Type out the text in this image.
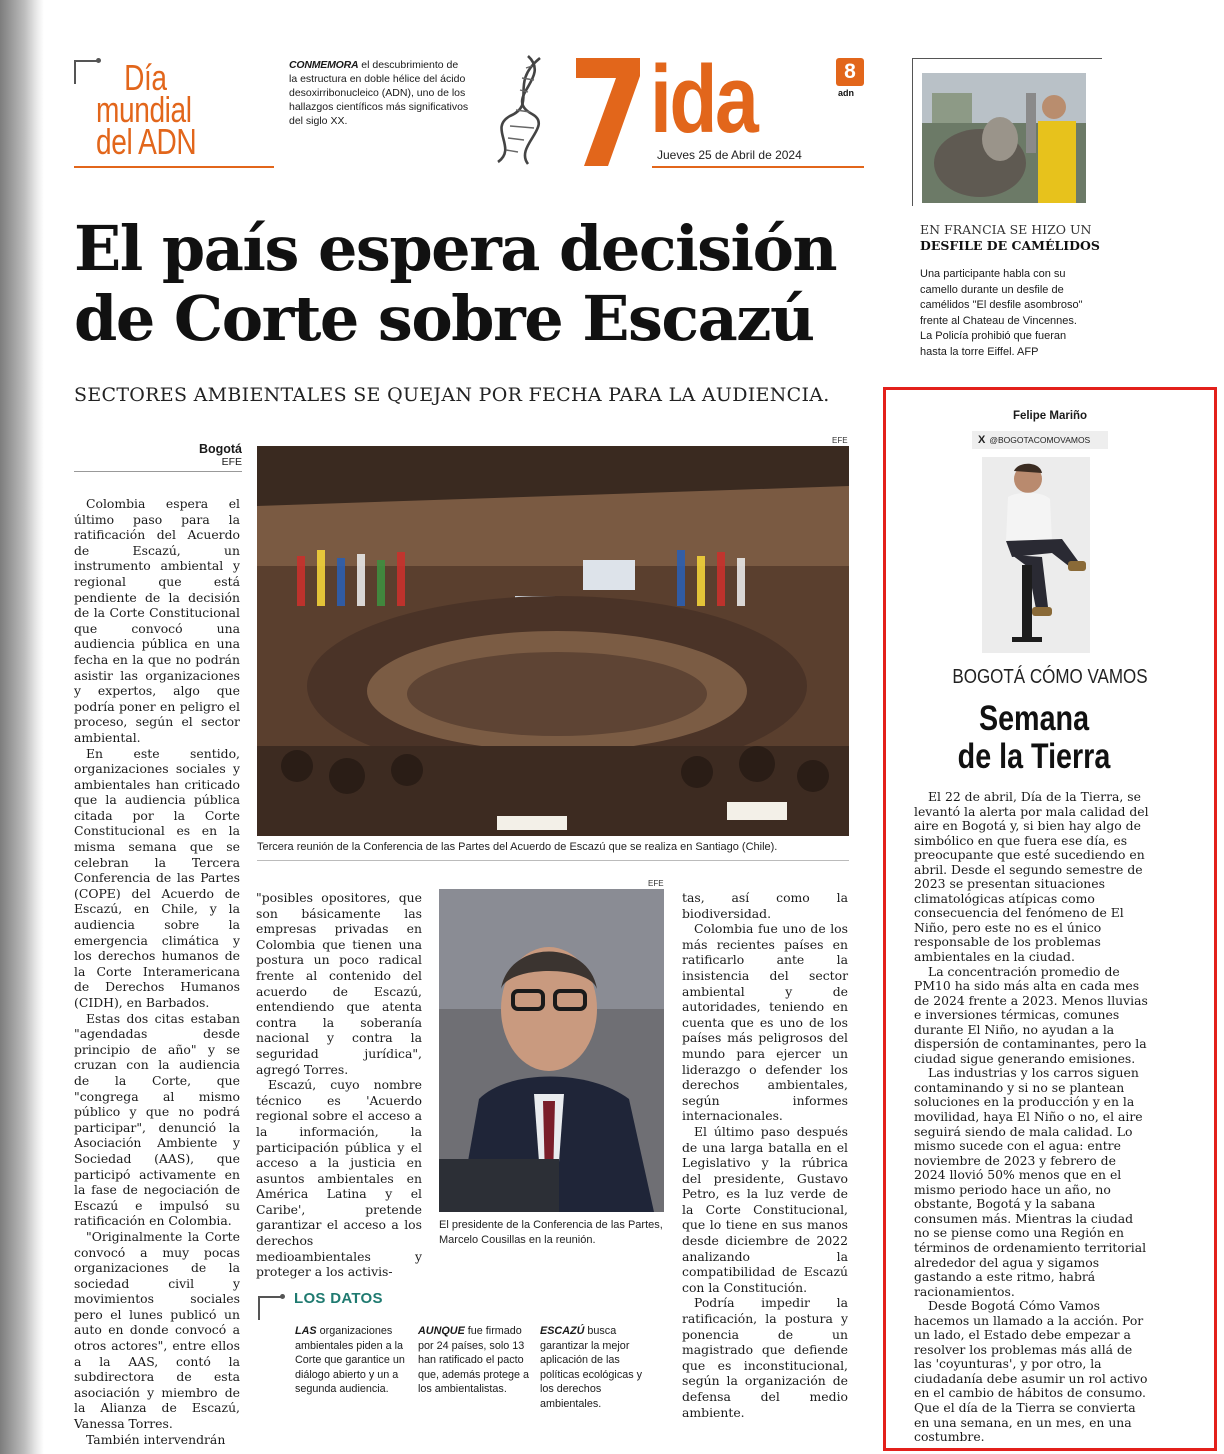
Día
mundial
del ADN
CONMEMORA el descubrimiento de la estructura en doble hélice del ácido desoxirribonucleico (ADN), uno de los hallazgos científicos más significativos del siglo XX.	ida
Jueves 25 de Abril de 2024
8
adn
EN FRANCIA SE HIZO UN
DESFILE DE CAMÉLIDOS
Una participante habla con su camello durante un desfile de camélidos "El desfile asombroso" frente al Chateau de Vincennes. La Policía prohibió que fueran hasta la torre Eiffel. AFP
El país espera decisión
de Corte sobre Escazú
SECTORES AMBIENTALES SE QUEJAN POR FECHA PARA LA AUDIENCIA.
Bogotá
EFE

Colombia espera el último paso para la ratificación del Acuerdo de Escazú, un instrumento ambiental y regional que está pendiente de la decisión de la Corte Constitucional que convocó una audiencia pública en una fecha en la que no podrán asistir las organizaciones y expertos, algo que podría poner en peligro el proceso, según el sector ambiental.

En este sentido, organizaciones sociales y ambientales han criticado que la audiencia pública citada por la Corte Constitucional es en la misma semana que se celebran la Tercera Conferencia de las Partes (COPE) del Acuerdo de Escazú, en Chile, y la audiencia sobre la emergencia climática y los derechos humanos de la Corte Interamericana de Derechos Humanos (CIDH), en Barbados.

Estas dos citas estaban "agendadas desde principio de año" y se cruzan con la audiencia de la Corte, que "congrega al mismo público y que no podrá participar", denunció la Asociación Ambiente y Sociedad (AAS), que participó activamente en la fase de negociación de Escazú e impulsó su ratificación en Colombia.

"Originalmente la Corte convocó a muy pocas organizaciones de la sociedad civil y movimientos sociales pero el lunes publicó un auto en donde convocó a otros actores", entre ellos a la AAS, contó la subdirectora de esta asociación y miembro de la Alianza de Escazú, Vanessa Torres.

También intervendrán

EFE
Tercera reunión de la Conferencia de las Partes del Acuerdo de Escazú que se realiza en Santiago (Chile).

"posibles opositores, que son básicamente las empresas privadas en Colombia que tienen una postura un poco radical frente al contenido del acuerdo de Escazú, entendiendo que atenta contra la soberanía nacional y contra la seguridad jurídica", agregó Torres.

Escazú, cuyo nombre técnico es 'Acuerdo regional sobre el acceso a la información, la participación pública y el acceso a la justicia en asuntos ambientales en América Latina y el Caribe', pretende garantizar el acceso a los derechos medioambientales y proteger a los activis-

EFE
El presidente de la Conferencia de las Partes, Marcelo Cousillas en la reunión.

tas, así como la biodiversidad.

Colombia fue uno de los más recientes países en ratificarlo ante la insistencia del sector ambiental y de autoridades, teniendo en cuenta que es uno de los países más peligrosos del mundo para ejercer un liderazgo o defender los derechos ambientales, según informes internacionales.

El último paso después de una larga batalla en el Legislativo y la rúbrica del presidente, Gustavo Petro, es la luz verde de la Corte Constitucional, que lo tiene en sus manos desde diciembre de 2022 analizando la compatibilidad de Escazú con la Constitución.

Podría impedir la ratificación, la postura y ponencia de un magistrado que defiende que es inconstitucional, según la organización de defensa del medio ambiente.

LOS DATOS
LAS organizaciones ambientales piden a la Corte que garantice un diálogo abierto y un a segunda audiencia.
AUNQUE fue firmado por 24 países, solo 13 han ratificado el pacto que, además protege a los ambientalistas.
ESCAZÚ busca garantizar la mejor aplicación de las políticas ecológicas y los derechos ambientales.
Felipe Mariño
X @BOGOTACOMOVAMOS
BOGOTÁ CÓMO VAMOS
Semana
de la Tierra

El 22 de abril, Día de la Tierra, se levantó la alerta por mala calidad del aire en Bogotá y, si bien hay algo de simbólico en que fuera ese día, es preocupante que esté sucediendo en abril. Desde el segundo semestre de 2023 se presentan situaciones climatológicas atípicas como consecuencia del fenómeno de El Niño, pero este no es el único responsable de los problemas ambientales en la ciudad.

La concentración promedio de PM10 ha sido más alta en cada mes de 2024 frente a 2023. Menos lluvias e inversiones térmicas, comunes durante El Niño, no ayudan a la dispersión de contaminantes, pero la ciudad sigue generando emisiones.

Las industrias y los carros siguen contaminando y si no se plantean soluciones en la producción y en la movilidad, haya El Niño o no, el aire seguirá siendo de mala calidad. Lo mismo sucede con el agua: entre noviembre de 2023 y febrero de 2024 llovió 50% menos que en el mismo periodo hace un año, no obstante, Bogotá y la sabana consumen más. Mientras la ciudad no se piense como una Región en términos de ordenamiento territorial alrededor del agua y sigamos gastando a este ritmo, habrá racionamientos.

Desde Bogotá Cómo Vamos hacemos un llamado a la acción. Por un lado, el Estado debe empezar a resolver los problemas más allá de las 'coyunturas', y por otro, la ciudadanía debe asumir un rol activo en el cambio de hábitos de consumo. Que el día de la Tierra se convierta en una semana, en un mes, en una costumbre.
